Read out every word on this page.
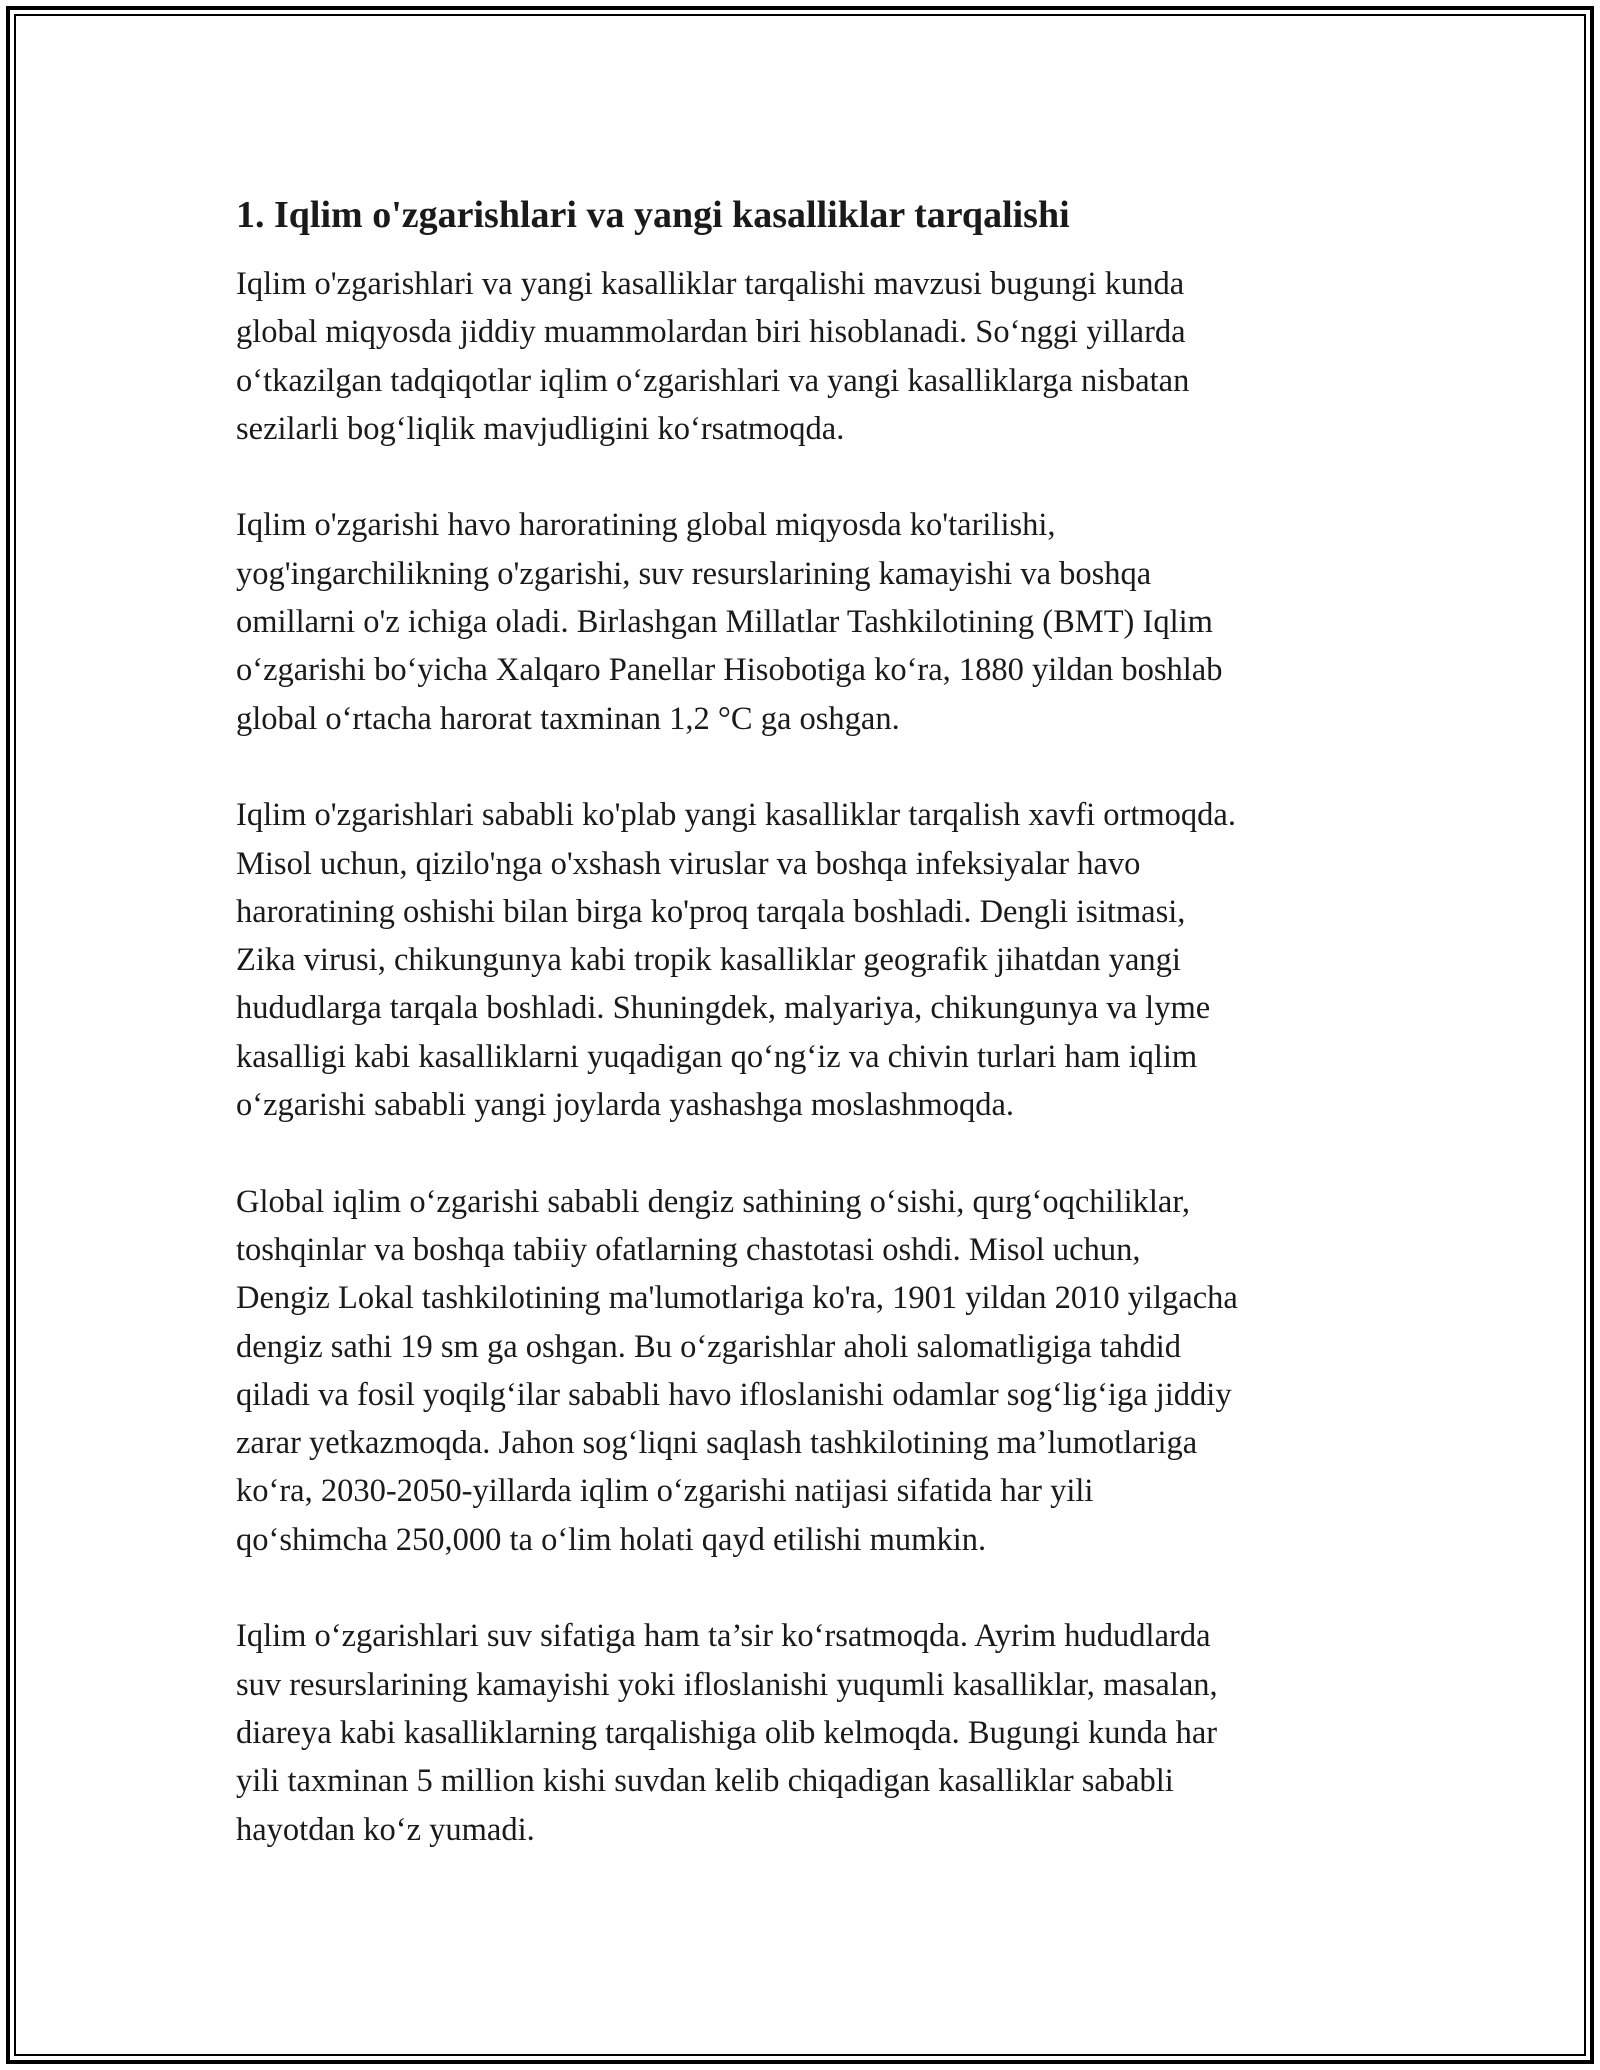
1. Iqlim o'zgarishlari va yangi kasalliklar tarqalishi

Iqlim o'zgarishlari va yangi kasalliklar tarqalishi mavzusi bugungi kunda
global miqyosda jiddiy muammolardan biri hisoblanadi. So‘nggi yillarda
o‘tkazilgan tadqiqotlar iqlim o‘zgarishlari va yangi kasalliklarga nisbatan
sezilarli bog‘liqlik mavjudligini ko‘rsatmoqda.

Iqlim o'zgarishi havo haroratining global miqyosda ko'tarilishi,
yog'ingarchilikning o'zgarishi, suv resurslarining kamayishi va boshqa
omillarni o'z ichiga oladi. Birlashgan Millatlar Tashkilotining (BMT) Iqlim
o‘zgarishi bo‘yicha Xalqaro Panellar Hisobotiga ko‘ra, 1880 yildan boshlab
global o‘rtacha harorat taxminan 1,2 °C ga oshgan.

Iqlim o'zgarishlari sababli ko'plab yangi kasalliklar tarqalish xavfi ortmoqda.
Misol uchun, qizilo'nga o'xshash viruslar va boshqa infeksiyalar havo
haroratining oshishi bilan birga ko'proq tarqala boshladi. Dengli isitmasi,
Zika virusi, chikungunya kabi tropik kasalliklar geografik jihatdan yangi
hududlarga tarqala boshladi. Shuningdek, malyariya, chikungunya va lyme
kasalligi kabi kasalliklarni yuqadigan qo‘ng‘iz va chivin turlari ham iqlim
o‘zgarishi sababli yangi joylarda yashashga moslashmoqda.

Global iqlim o‘zgarishi sababli dengiz sathining o‘sishi, qurg‘oqchiliklar,
toshqinlar va boshqa tabiiy ofatlarning chastotasi oshdi. Misol uchun,
Dengiz Lokal tashkilotining ma'lumotlariga ko'ra, 1901 yildan 2010 yilgacha
dengiz sathi 19 sm ga oshgan. Bu o‘zgarishlar aholi salomatligiga tahdid
qiladi va fosil yoqilg‘ilar sababli havo ifloslanishi odamlar sog‘lig‘iga jiddiy
zarar yetkazmoqda. Jahon sog‘liqni saqlash tashkilotining ma’lumotlariga
ko‘ra, 2030-2050-yillarda iqlim o‘zgarishi natijasi sifatida har yili
qo‘shimcha 250,000 ta o‘lim holati qayd etilishi mumkin.

Iqlim o‘zgarishlari suv sifatiga ham ta’sir ko‘rsatmoqda. Ayrim hududlarda
suv resurslarining kamayishi yoki ifloslanishi yuqumli kasalliklar, masalan,
diareya kabi kasalliklarning tarqalishiga olib kelmoqda. Bugungi kunda har
yili taxminan 5 million kishi suvdan kelib chiqadigan kasalliklar sababli
hayotdan ko‘z yumadi.
